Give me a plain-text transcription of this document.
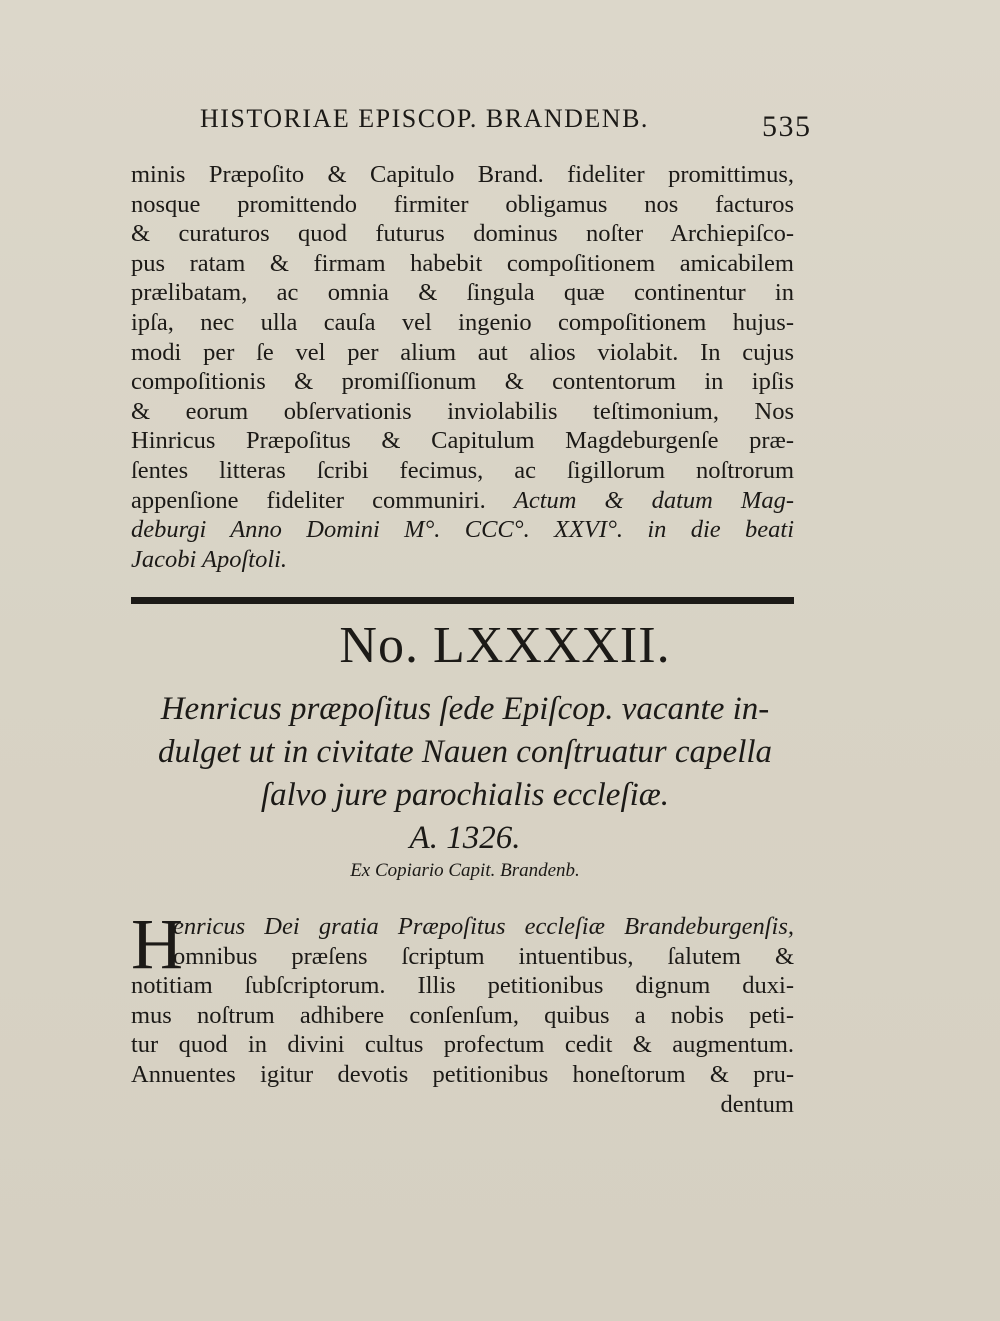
HISTORIAE EPISCOP. BRANDENB.	535
minis Præpoſito & Capitulo Brand. fideliter promittimus,
nosque promittendo firmiter obligamus nos facturos
& curaturos quod futurus dominus noſter Archiepiſco-
pus ratam & firmam habebit compoſitionem amicabilem
prælibatam, ac omnia & ſingula quæ continentur in
ipſa, nec ulla cauſa vel ingenio compoſitionem hujus-
modi per ſe vel per alium aut alios violabit. In cujus
compoſitionis & promiſſionum & contentorum in ipſis
& eorum obſervationis inviolabilis teſtimonium, Nos
Hinricus Præpoſitus & Capitulum Magdeburgenſe præ-
ſentes litteras ſcribi fecimus, ac ſigillorum noſtrorum
appenſione fideliter communiri. Actum & datum Mag-
deburgi Anno Domini M°. CCC°. XXVI°. in die beati
Jacobi Apoſtoli.
No. LXXXXII.
Henricus præpoſitus ſede Epiſcop. vacante in-
dulget ut in civitate Nauen conſtruatur capella
ſalvo jure parochialis eccleſiæ.
A. 1326.
Ex Copiario Capit. Brandenb.
H
enricus Dei gratia Præpoſitus eccleſiæ Brandeburgenſis,
omnibus præſens ſcriptum intuentibus, ſalutem &
notitiam ſubſcriptorum. Illis petitionibus dignum duxi-
mus noſtrum adhibere conſenſum, quibus a nobis peti-
tur quod in divini cultus profectum cedit & augmentum.
Annuentes igitur devotis petitionibus honeſtorum & pru-
dentum
